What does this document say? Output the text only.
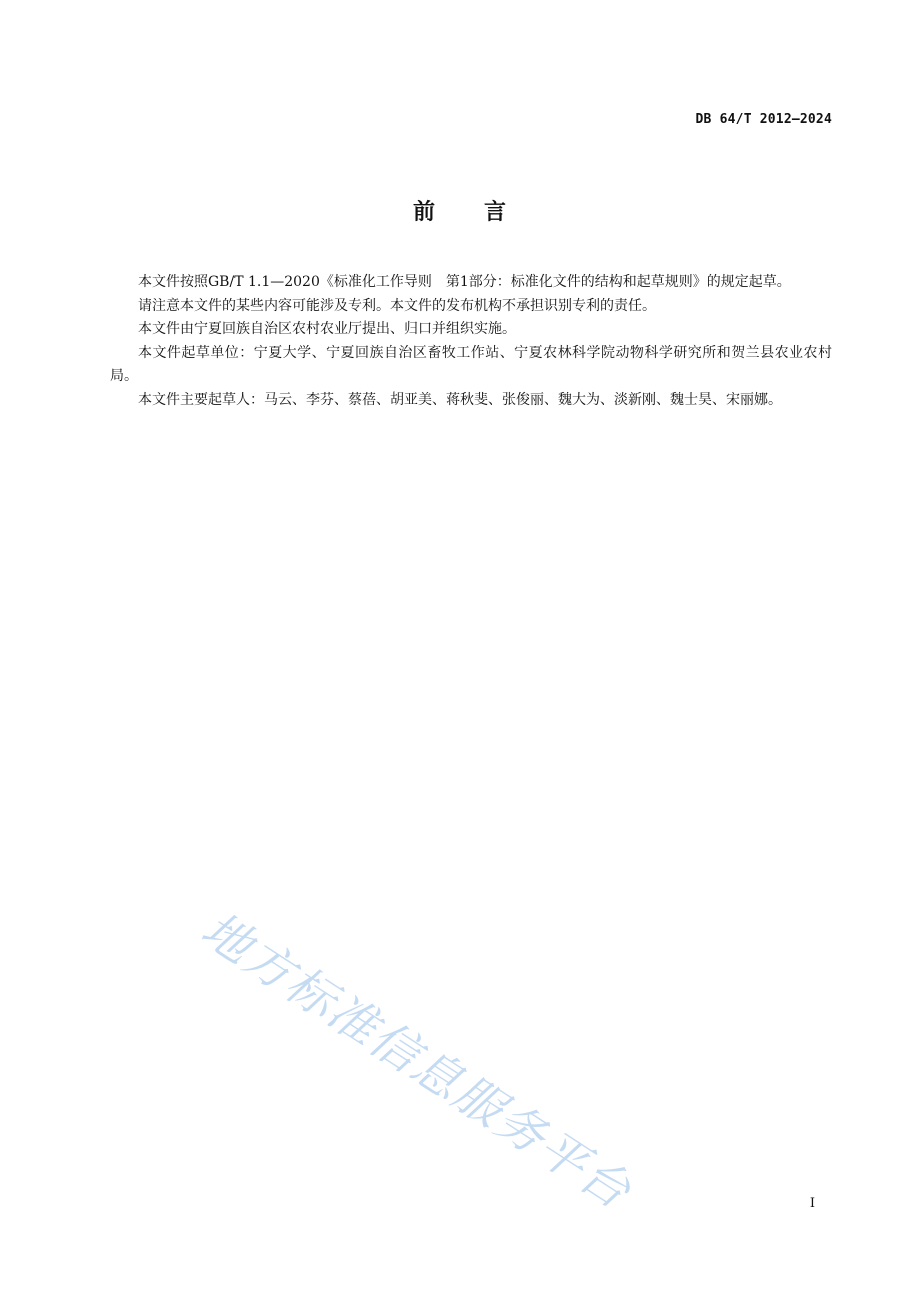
DB 64/T 2012—2024
前 言

本文件按照GB/T 1.1—2020《标准化工作导则　第1部分：标准化文件的结构和起草规则》的规定起草。

请注意本文件的某些内容可能涉及专利。本文件的发布机构不承担识别专利的责任。

本文件由宁夏回族自治区农村农业厅提出、归口并组织实施。

本文件起草单位：宁夏大学、宁夏回族自治区畜牧工作站、宁夏农林科学院动物科学研究所和贺兰县农业农村局。

本文件主要起草人：马云、李芬、蔡蓓、胡亚美、蒋秋斐、张俊丽、魏大为、淡新刚、魏士昊、宋丽娜。

地方标准信息服务平台	I
